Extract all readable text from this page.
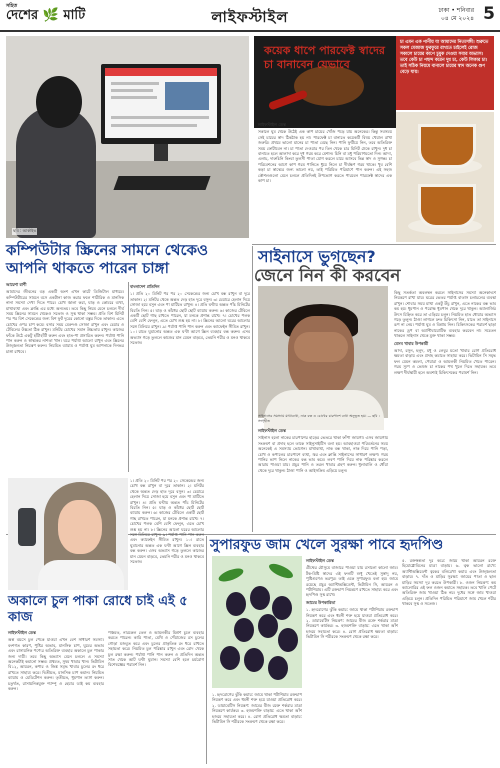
সহিত
দেশের 🌿 মাটি	লাইফস্টাইল	ঢাকা • শনিবার
০৪ মে ২০২৪ 5
ছবি : আর্কাইভ
কম্পিউটার স্ক্রিনের সামনে থেকেও আপনি থাকতে পারেন চাঙ্গা
আয়েশা রাণী
আমাদের জীবনের বড় একটি অংশ এখন কাটে ডিজিটাল মাধ্যমে। কম্পিউটারের সামনে বসে একটানা কাজ করার ফলে শারীরিক ও মানসিক নানা সমস্যা দেখা দিতে পারে। চোখ জ্বালা করা, ঘাড় ও কোমরে ব্যথা, মাথাব্যথা এবং ক্লান্তি এর মধ্যে অন্যতম। তবে কিছু নিয়ম মেনে চললে দীর্ঘ সময় স্ক্রিনের সামনে থেকেও সতেজ ও সুস্থ থাকা সম্ভব। প্রতি বিশ মিনিট পর পর বিশ সেকেন্ডের জন্য বিশ ফুট দূরের কোনো বস্তুর দিকে তাকান। এতে চোখের ওপর চাপ কমে। বসার সময় মেরুদণ্ড সোজা রাখুন এবং চেয়ার ও টেবিলের উচ্চতা ঠিক রাখুন। মনিটর চোখের সমান উচ্চতায় রাখুন। কাজের ফাঁকে উঠে একটু হাঁটাহাঁটি করুন এবং হাত-পা প্রসারিত করুন। পর্যাপ্ত পানি পান করুন ও স্বাস্থ্যকর নাশতা খান। ঘরে পর্যাপ্ত আলো রাখুন এবং স্ক্রিনের উজ্জ্বলতা নিয়ন্ত্রণ করুন। নিয়মিত ব্যায়াম ও পর্যাপ্ত ঘুম আপনাকে দিনভর চাঙ্গা রাখবে।
বাংলাদেশ প্রতিদিন
১। প্রতি ২০ মিনিট পর পর ২০ সেকেন্ডের জন্য চোখ বন্ধ রাখুন বা দূরে তাকান। ২। মনিটর থেকে অন্তত দেড় হাত দূরে বসুন। ৩। চেয়ারে হেলান দিয়ে সোজা হয়ে বসুন এবং পা মাটিতে রাখুন। ৪। প্রতি ঘণ্টায় অন্তত পাঁচ মিনিটের বিরতি নিন। ৫। ঘাড় ও কাঁধের ছোট ছোট ব্যায়াম করুন। ৬। কাজের টেবিলে একটি ছোট গাছ রাখতে পারেন, যা মনকে প্রশান্ত রাখে। ৭। চোখের পলক বেশি বেশি ফেলুন, এতে চোখ শুষ্ক হয় না। ৮। স্ক্রিনের আলো ঘরের আলোর সঙ্গে মিলিয়ে রাখুন। ৯। পর্যাপ্ত পানি পান করুন এবং ক্যাফেইন সীমিত রাখুন। ১০। রাতে ঘুমানোর অন্তত এক ঘণ্টা আগে স্ক্রিন ব্যবহার বন্ধ করুন। এসব অভ্যাস গড়ে তুললে কাজের মান যেমন বাড়বে, তেমনি শরীর ও মনও থাকবে সতেজ।
কয়েক ধাপে পারফেক্ট স্বাদের চা বানাবেন যেভাবে
চা এমন এক পানীয় যা আমাদের নিত্যসঙ্গী। শুরুতে সকল মেজাজ ফুরফুরে রাখতে চাইলেই রোজ সকালে চায়ের কাপে চুমুক দেওয়া সবার অভ্যাস। তবে কেউ চা পছন্দ করেন দুধ চা, কেউ লিকার চা। তাই সঠিক নিয়মে বানালে চায়ের স্বাদ অনেক গুণ বেড়ে যায়।
লাইফস্টাইল ডেস্ক
সকালে ঘুম থেকে উঠেই এক কাপ চায়ের খোঁজ পড়ে যায় অনেকের। কিন্তু সবসময় সেই চায়ের স্বাদ ঠিকঠাক হয় না। পারফেক্ট চা বানাতে কয়েকটি বিষয় খেয়াল রাখা জরুরি। প্রথমে ভালো মানের চা পাতা বেছে নিন। পানি ফুটিয়ে নিন, তবে অতিরিক্ত সময় ফোটাবেন না। চা পাতা দেওয়ার পর তিন থেকে চার মিনিট ঢেকে রাখুন। দুধ চা বানাতে হলে আলাদা করে দুধ গরম করে মেশান। চিনি বা মধু পরিমাণমতো দিন। আদা, এলাচ, দারুচিনি কিংবা তুলসী পাতা যোগ করলে চায়ে আসবে ভিন্ন স্বাদ ও সুগন্ধ। চা পরিবেশনের আগে কাপ গরম পানিতে ধুয়ে নিলে চা দীর্ঘক্ষণ গরম থাকে। খুব বেশি কড়া চা স্বাস্থ্যের জন্য ভালো নয়, তাই পরিমিত পরিমাণে পান করুন। এই সহজ কৌশলগুলো মেনে চললে প্রতিদিনই উপভোগ করতে পারবেন পারফেক্ট স্বাদের এক কাপ চা।
সাইনাসে ভুগছেন?
জেনে নিন কী করবেন
সাইনাসের সমস্যায় মাথাব্যথা, নাক বন্ধ ও চোখের চারপাশে ব্যথা অনুভূত হয়। — ছবি : সংগৃহীত
লাইফস্টাইল ডেস্ক
সাইনাস হলো নাকের চারপাশের হাড়ের ভেতরে থাকা ফাঁপা জায়গা। এসব জায়গায় সংক্রমণ বা প্রদাহ হলে তাকে সাইনুসাইটিস বলা হয়। আবহাওয়া পরিবর্তনের সময় অনেকেই এ সমস্যায় ভোগেন। মাথাব্যথা, নাক বন্ধ থাকা, নাক দিয়ে পানি পড়া, চোখ ও কপালের চারপাশে ব্যথা, জ্বর এবং ক্লান্তি সাইনাসের সাধারণ লক্ষণ। গরম পানির ভাপ নিলে নাকের বন্ধ ভাব কমে। লবণ পানি দিয়ে নাক পরিষ্কার করলে আরাম পাওয়া যায়। প্রচুর পানি ও তরল খাবার গ্রহণ করুন। ধুলাবালি ও ধোঁয়া থেকে দূরে থাকুন। ঠাণ্ডা পানি ও আইসক্রিম এড়িয়ে চলুন।
কিছু সতর্কতা অবলম্বন করলে সাইনাসের সমস্যা অনেকাংশে নিয়ন্ত্রণে রাখা যায়। ঘরের ভেতর পর্যাপ্ত বাতাস চলাচলের ব্যবস্থা রাখুন। শোবার সময় মাথা একটু উঁচু রাখুন, এতে নাকের বন্ধ ভাব কম হয়। ধূমপান ও পরোক্ষ ধূমপান থেকে দূরে থাকুন। অ্যালার্জির উৎস চিহ্নিত করে তা এড়িয়ে চলুন। নিয়মিত হাত ধোয়ার অভ্যাস গড়ে তুলুন। ঠাণ্ডা লাগলে দ্রুত চিকিৎসা নিন, যাতে তা সাইনাসে রূপ না নেয়। পর্যাপ্ত ঘুম ও বিশ্রাম নিন। চিকিৎসকের পরামর্শ ছাড়া নাকের ড্রপ বা অ্যান্টিবায়োটিক ব্যবহার করবেন না। সচেতন থাকলে সাইনাস থেকে মুক্ত থাকা সম্ভব।
যেসব খাবার উপকারী
আদা, রসুন, হলুদ, মধু ও লেবুর মতো খাবার রোগ প্রতিরোধ ক্ষমতা বাড়ায় এবং প্রদাহ কমাতে সাহায্য করে। ভিটামিন সি সমৃদ্ধ ফল যেমন কমলা, পেয়ারা ও আমলকী নিয়মিত খেতে পারেন। গরম স্যুপ ও ভেষজ চা নাকের পথ খুলে দিতে সহায়ক। তবে লক্ষণ দীর্ঘস্থায়ী হলে অবশ্যই চিকিৎসকের পরামর্শ নিন।
১। প্রতি ২০ মিনিট পর পর ২০ সেকেন্ডের জন্য চোখ বন্ধ রাখুন বা দূরে তাকান। ২। মনিটর থেকে অন্তত দেড় হাত দূরে বসুন। ৩। চেয়ারে হেলান দিয়ে সোজা হয়ে বসুন এবং পা মাটিতে রাখুন। ৪। প্রতি ঘণ্টায় অন্তত পাঁচ মিনিটের বিরতি নিন। ৫। ঘাড় ও কাঁধের ছোট ছোট ব্যায়াম করুন। ৬। কাজের টেবিলে একটি ছোট গাছ রাখতে পারেন, যা মনকে প্রশান্ত রাখে। ৭। চোখের পলক বেশি বেশি ফেলুন, এতে চোখ শুষ্ক হয় না। ৮। স্ক্রিনের আলো ঘরের আলোর সঙ্গে মিলিয়ে রাখুন। ৯। পর্যাপ্ত পানি পান করুন এবং ক্যাফেইন সীমিত রাখুন। ১০। রাতে ঘুমানোর অন্তত এক ঘণ্টা আগে স্ক্রিন ব্যবহার বন্ধ করুন। এসব অভ্যাস গড়ে তুললে কাজের মান যেমন বাড়বে, তেমনি শরীর ও মনও থাকবে সতেজ।
অকালে চুল পাকা রোধে চাই এই ৫ কাজ
লাইফস্টাইল ডেস্ক
অল্প বয়সে চুল পেকে যাওয়া এখন বেশ সাধারণ সমস্যা। বংশগত কারণ, পুষ্টির অভাব, মানসিক চাপ, ঘুমের অভাব এবং রাসায়নিক পণ্যের অতিরিক্ত ব্যবহার অকালে চুল পাকার জন্য দায়ী। তবে কিছু অভ্যাস মেনে চললে এ সমস্যা অনেকটাই কমানো সম্ভব। প্রথমত, সুষম খাবার খান। ভিটামিন বি১২, আয়রন, কপার ও জিঙ্ক সমৃদ্ধ খাবার চুলের রং ধরে রাখতে সাহায্য করে। দ্বিতীয়ত, মানসিক চাপ কমান। নিয়মিত ব্যায়াম ও মেডিটেশন করুন। তৃতীয়ত, ধূমপান ত্যাগ করুন। চতুর্থত, রাসায়নিকযুক্ত শ্যাম্পু ও হেয়ার ডাই কম ব্যবহার করুন।
পঞ্চমত, নারকেল তেল ও আমলকীর মিশ্রণ চুলে ব্যবহার করতে পারেন। কারি পাতা, মেথি ও পেঁয়াজের রস চুলের গোড়া মজবুত করে এবং চুলের প্রাকৃতিক রং ধরে রাখতে সহায়তা করে। নিয়মিত চুল পরিষ্কার রাখুন এবং রোদ থেকে চুল রক্ষা করুন। পর্যাপ্ত পানি পান করুন ও প্রতিদিন অন্তত সাত থেকে আট ঘণ্টা ঘুমান। সমস্যা বেশি হলে চর্মরোগ বিশেষজ্ঞের পরামর্শ নিন।
সুপারফুড জাম খেলে সুরক্ষা পাবে হৃদপিণ্ড
লাইফস্টাইল ডেস্ক
গ্রীষ্মের মৌসুমে বাজারে পাওয়া যায় রসালো কালো জাম। টক-মিষ্টি স্বাদের এই ফলটি শুধু খেতেই সুস্বাদু নয়, পুষ্টিগুণেও ভরপুর। তাই একে সুপারফুড বলা হয়। জামে রয়েছে প্রচুর অ্যান্টিঅক্সিডেন্ট, ভিটামিন সি, আয়রন ও পটাশিয়াম। এটি রক্তচাপ নিয়ন্ত্রণে রাখতে সাহায্য করে এবং হৃদপিণ্ড সুস্থ রাখে।
জামের উপকারিতা
১. হৃদরোগের ঝুঁকি কমায়: জামে থাকা পটাশিয়াম রক্তচাপ নিয়ন্ত্রণ করে এবং ধমনী শক্ত হয়ে যাওয়া প্রতিরোধ করে। ২. ডায়াবেটিস নিয়ন্ত্রণ: জামের বীজ রক্তে শর্করার মাত্রা নিয়ন্ত্রণে কার্যকর। ৩. হজমশক্তি বাড়ায়: এতে থাকা আঁশ হজমে সহায়তা করে। ৪. রোগ প্রতিরোধ ক্ষমতা বাড়ায়: ভিটামিন সি শরীরকে সংক্রমণ থেকে রক্ষা করে।
৫. রক্তস্বল্পতা দূর করে: জামে থাকা আয়রন রক্তে হিমোগ্লোবিনের মাত্রা বাড়ায়। ৬. ত্বক ভালো রাখে: অ্যান্টিঅক্সিডেন্ট ত্বকের বলিরেখা কমায় এবং উজ্জ্বলতা বাড়ায়। ৭. দাঁত ও মাড়ির সুরক্ষা: জামের পাতা ও ছাল মাড়ির সমস্যা দূর করতে উপকারী। ৮. ওজন নিয়ন্ত্রণ: কম ক্যালোরির এই ফল ওজন কমাতে সহায়ক। তবে খালি পেটে অতিরিক্ত জাম খাওয়া ঠিক নয়। দুধের সঙ্গে জাম খাওয়া এড়িয়ে চলুন। প্রতিদিন পরিমিত পরিমাণে জাম খেলে শরীর থাকবে সুস্থ ও সতেজ।
১. হৃদরোগের ঝুঁকি কমায়: জামে থাকা পটাশিয়াম রক্তচাপ নিয়ন্ত্রণ করে এবং ধমনী শক্ত হয়ে যাওয়া প্রতিরোধ করে। ২. ডায়াবেটিস নিয়ন্ত্রণ: জামের বীজ রক্তে শর্করার মাত্রা নিয়ন্ত্রণে কার্যকর। ৩. হজমশক্তি বাড়ায়: এতে থাকা আঁশ হজমে সহায়তা করে। ৪. রোগ প্রতিরোধ ক্ষমতা বাড়ায়: ভিটামিন সি শরীরকে সংক্রমণ থেকে রক্ষা করে।
